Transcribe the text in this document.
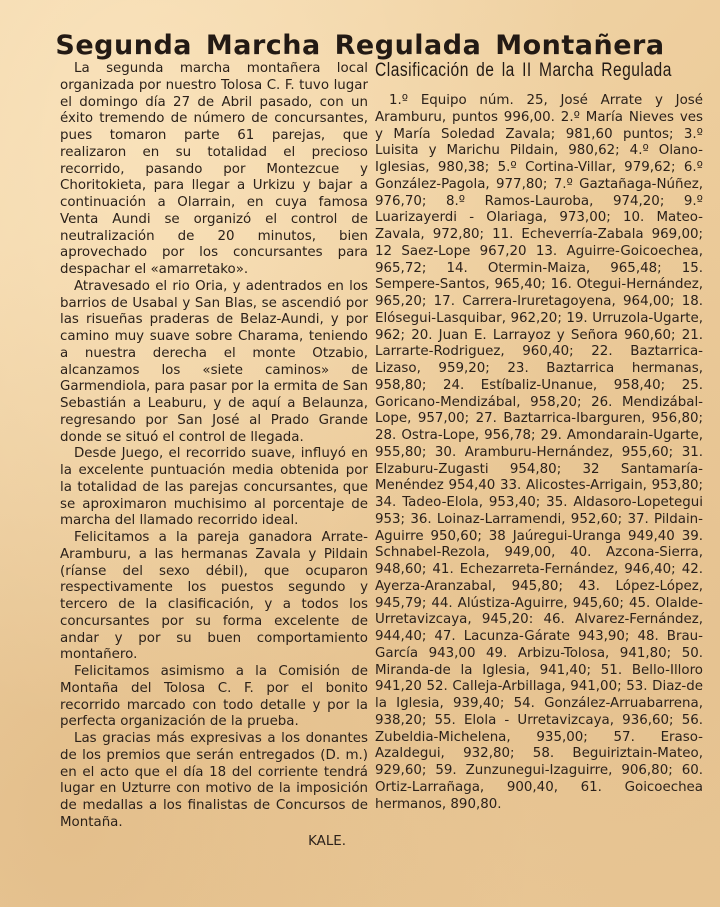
Segunda Marcha Regulada Montañera

La segunda marcha montañera local organizada por nuestro Tolosa C. F. tuvo lugar el domingo día 27 de Abril pasado, con un éxito tremendo de número de concursantes, pues tomaron parte 61 parejas, que realizaron en su totalidad el precioso recorrido, pasando por Montezcue y Choritokieta, para llegar a Urkizu y bajar a continuación a Olarrain, en cuya famosa Venta Aundi se organizó el control de neutralización de 20 minutos, bien aprovechado por los concursantes para despachar el «amarretako».

Atravesado el rio Oria, y adentrados en los barrios de Usabal y San Blas, se ascendió por las risueñas praderas de Belaz-Aundi, y por camino muy suave sobre Charama, teniendo a nuestra derecha el monte Otzabio, alcanzamos los «siete caminos» de Garmendiola, para pasar por la ermita de San Sebastián a Leaburu, y de aquí a Belaunza, regresando por San José al Prado Grande donde se situó el control de llegada.

Desde Juego, el recorrido suave, influyó en la excelente puntuación media obtenida por la totalidad de las parejas concursantes, que se aproximaron muchisimo al porcentaje de marcha del llamado recorrido ideal.

Felicitamos a la pareja ganadora Arrate-Aramburu, a las hermanas Zavala y Pildain (ríanse del sexo débil), que ocuparon respectivamente los puestos segundo y tercero de la clasificación, y a todos los concursantes por su forma excelente de andar y por su buen comportamiento montañero.

Felicitamos asimismo a la Comisión de Montaña del Tolosa C. F. por el bonito recorrido marcado con todo detalle y por la perfecta organización de la prueba.

Las gracias más expresivas a los donantes de los premios que serán entregados (D. m.) en el acto que el día 18 del corriente tendrá lugar en Uzturre con motivo de la imposición de medallas a los finalistas de Concursos de Montaña.

KALE.
Clasificación de la II Marcha Regulada

1.º Equipo núm. 25, José Arrate y José Aramburu, puntos 996,00. 2.º María Nieves ves y María Soledad Zavala; 981,60 puntos; 3.º Luisita y Marichu Pildain, 980,62; 4.º Olano-Iglesias, 980,38; 5.º Cortina-Villar, 979,62; 6.º González-Pagola, 977,80; 7.º Gaztañaga-Núñez, 976,70; 8.º Ramos-Lauroba, 974,20; 9.º Luarizayerdi - Olariaga, 973,00; 10. Mateo-Zavala, 972,80; 11. Echeverría-Zabala 969,00; 12 Saez-Lope 967,20 13. Aguirre-Goicoechea, 965,72; 14. Otermin-Maiza, 965,48; 15. Sempere-Santos, 965,40; 16. Otegui-Hernández, 965,20; 17. Carrera-Iruretagoyena, 964,00; 18. Elósegui-Lasquibar, 962,20; 19. Urruzola-Ugarte, 962; 20. Juan E. Larrayoz y Señora 960,60; 21. Larrarte-Rodriguez, 960,40; 22. Baztarrica-Lizaso, 959,20; 23. Baztarrica hermanas, 958,80; 24. Estíbaliz-Unanue, 958,40; 25. Goricano-Mendizábal, 958,20; 26. Mendizábal-Lope, 957,00; 27. Baztarrica-Ibarguren, 956,80; 28. Ostra-Lope, 956,78; 29. Amondarain-Ugarte, 955,80; 30. Aramburu-Hernández, 955,60; 31. Elzaburu-Zugasti 954,80; 32 Santamaría-Menéndez 954,40 33. Alicostes-Arrigain, 953,80; 34. Tadeo-Elola, 953,40; 35. Aldasoro-Lopetegui 953; 36. Loinaz-Larramendi, 952,60; 37. Pildain-Aguirre 950,60; 38 Jaúregui-Uranga 949,40 39. Schnabel-Rezola, 949,00, 40. Azcona-Sierra, 948,60; 41. Echezarreta-Fernández, 946,40; 42. Ayerza-Aranzabal, 945,80; 43. López-López, 945,79; 44. Alústiza-Aguirre, 945,60; 45. Olalde-Urretavizcaya, 945,20: 46. Alvarez-Fernández, 944,40; 47. Lacunza-Gárate 943,90; 48. Brau-García 943,00 49. Arbizu-Tolosa, 941,80; 50. Miranda-de la Iglesia, 941,40; 51. Bello-Illoro 941,20 52. Calleja-Arbillaga, 941,00; 53. Diaz-de la Iglesia, 939,40; 54. González-Arruabarrena, 938,20; 55. Elola - Urretavizcaya, 936,60; 56. Zubeldia-Michelena, 935,00; 57. Eraso-Azaldegui, 932,80; 58. Beguiriztain-Mateo, 929,60; 59. Zunzunegui-Izaguirre, 906,80; 60. Ortiz-Larrañaga, 900,40, 61. Goicoechea hermanos, 890,80.
